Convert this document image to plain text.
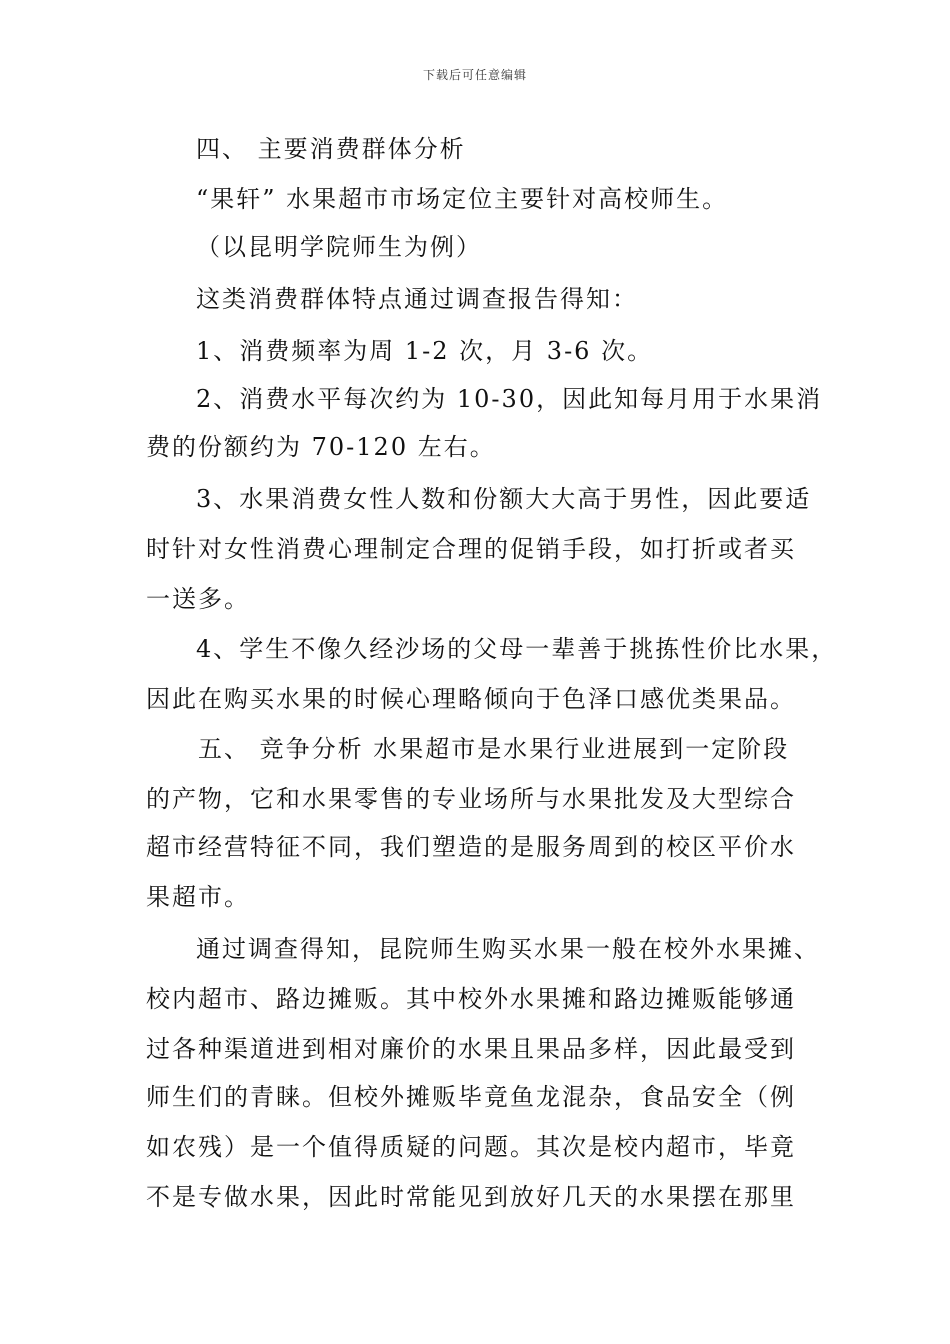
下载后可任意编辑
四、 主要消费群体分析
“果轩” 水果超市市场定位主要针对高校师生。
（以昆明学院师生为例）
这类消费群体特点通过调查报告得知：
1、消费频率为周 1-2 次，月 3-6 次。
2、消费水平每次约为 10-30，因此知每月用于水果消
费的份额约为 70-120 左右。
3、水果消费女性人数和份额大大高于男性，因此要适
时针对女性消费心理制定合理的促销手段，如打折或者买
一送多。
4、学生不像久经沙场的父母一辈善于挑拣性价比水果，
因此在购买水果的时候心理略倾向于色泽口感优类果品。
五、 竞争分析 水果超市是水果行业进展到一定阶段
的产物，它和水果零售的专业场所与水果批发及大型综合
超市经营特征不同，我们塑造的是服务周到的校区平价水
果超市。
通过调查得知，昆院师生购买水果一般在校外水果摊、
校内超市、路边摊贩。其中校外水果摊和路边摊贩能够通
过各种渠道进到相对廉价的水果且果品多样，因此最受到
师生们的青睐。但校外摊贩毕竟鱼龙混杂，食品安全（例
如农残）是一个值得质疑的问题。其次是校内超市，毕竟
不是专做水果，因此时常能见到放好几天的水果摆在那里
